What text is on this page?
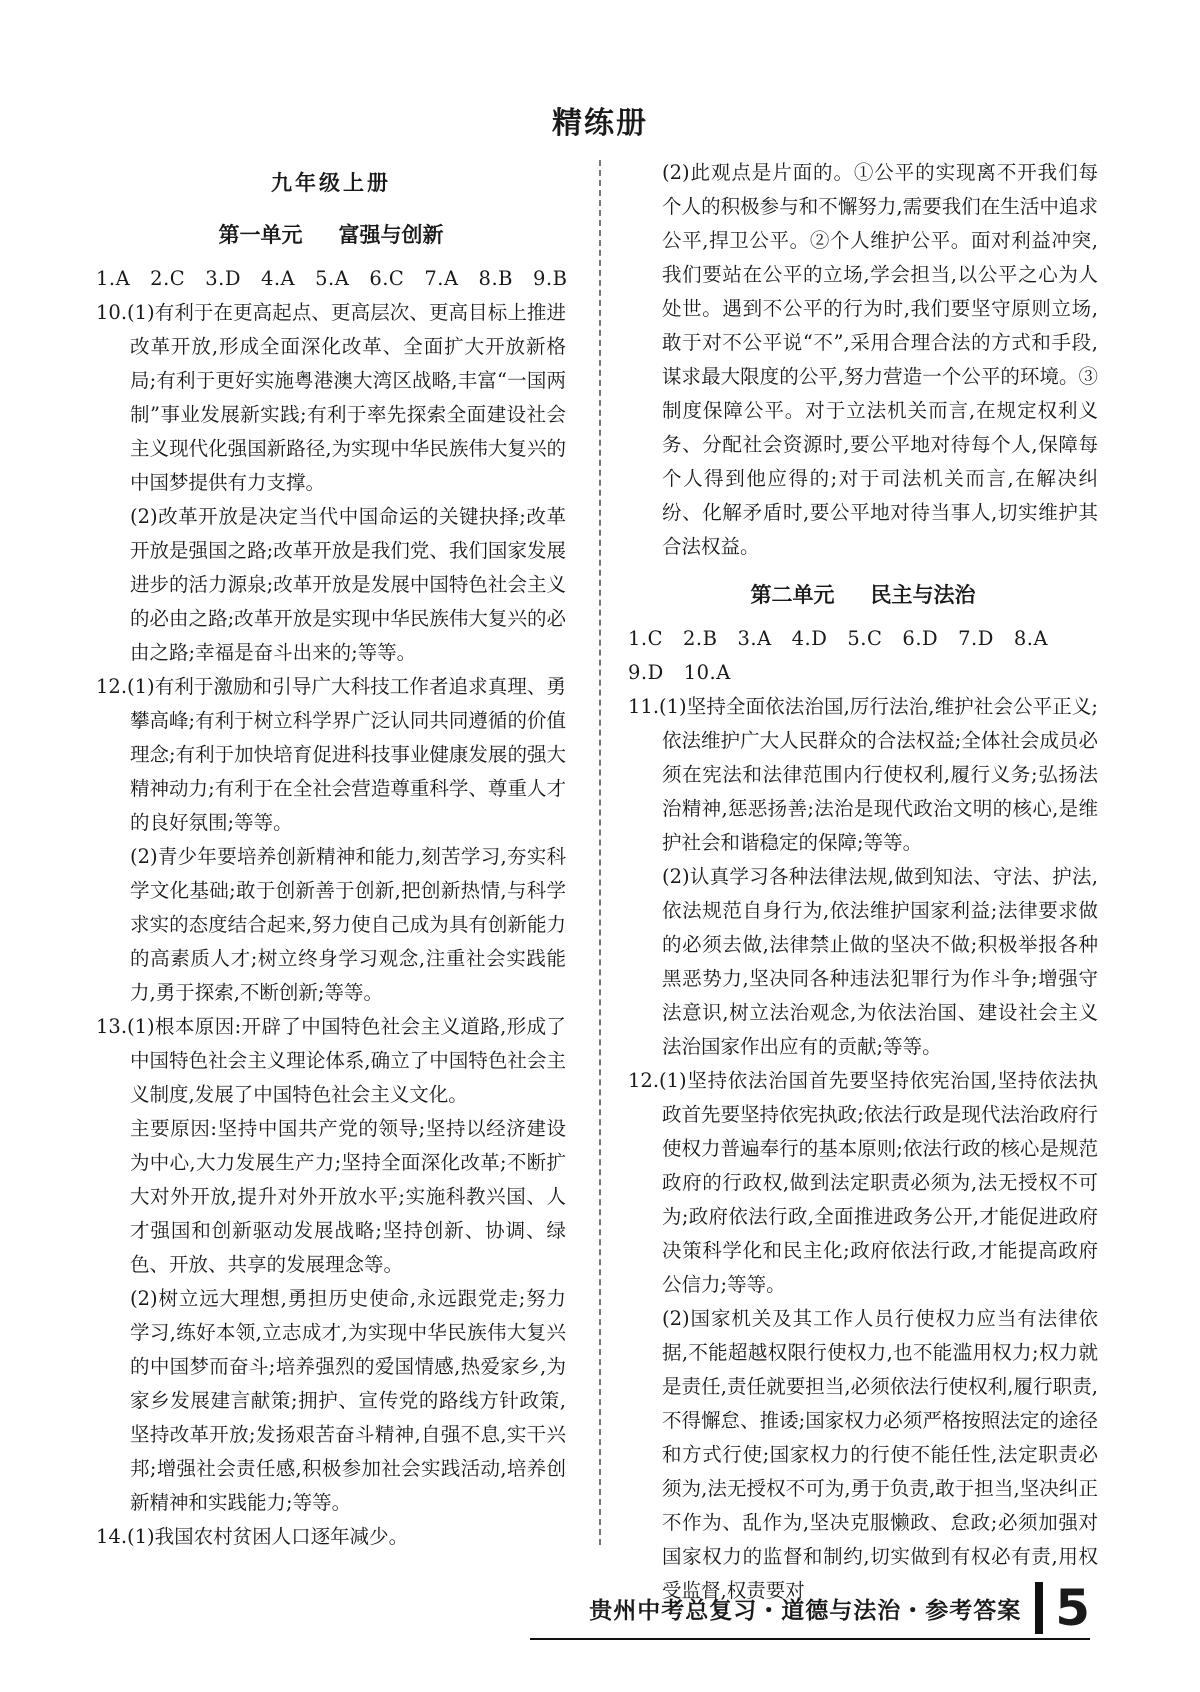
精练册
九年级上册
第一单元 富强与创新

1.A　2.C　3.D　4.A　5.A　6.C　7.A　8.B　9.B

10.(1)有利于在更高起点、更高层次、更高目标上推进改革开放,形成全面深化改革、全面扩大开放新格局;有利于更好实施粤港澳大湾区战略,丰富“一国两制”事业发展新实践;有利于率先探索全面建设社会主义现代化强国新路径,为实现中华民族伟大复兴的中国梦提供有力支撑。

(2)改革开放是决定当代中国命运的关键抉择;改革开放是强国之路;改革开放是我们党、我们国家发展进步的活力源泉;改革开放是发展中国特色社会主义的必由之路;改革开放是实现中华民族伟大复兴的必由之路;幸福是奋斗出来的;等等。

12.(1)有利于激励和引导广大科技工作者追求真理、勇攀高峰;有利于树立科学界广泛认同共同遵循的价值理念;有利于加快培育促进科技事业健康发展的强大精神动力;有利于在全社会营造尊重科学、尊重人才的良好氛围;等等。

(2)青少年要培养创新精神和能力,刻苦学习,夯实科学文化基础;敢于创新善于创新,把创新热情,与科学求实的态度结合起来,努力使自己成为具有创新能力的高素质人才;树立终身学习观念,注重社会实践能力,勇于探索,不断创新;等等。

13.(1)根本原因:开辟了中国特色社会主义道路,形成了中国特色社会主义理论体系,确立了中国特色社会主义制度,发展了中国特色社会主义文化。

主要原因:坚持中国共产党的领导;坚持以经济建设为中心,大力发展生产力;坚持全面深化改革;不断扩大对外开放,提升对外开放水平;实施科教兴国、人才强国和创新驱动发展战略;坚持创新、协调、绿色、开放、共享的发展理念等。

(2)树立远大理想,勇担历史使命,永远跟党走;努力学习,练好本领,立志成才,为实现中华民族伟大复兴的中国梦而奋斗;培养强烈的爱国情感,热爱家乡,为家乡发展建言献策;拥护、宣传党的路线方针政策,坚持改革开放;发扬艰苦奋斗精神,自强不息,实干兴邦;增强社会责任感,积极参加社会实践活动,培养创新精神和实践能力;等等。

14.(1)我国农村贫困人口逐年减少。

(2)此观点是片面的。①公平的实现离不开我们每个人的积极参与和不懈努力,需要我们在生活中追求公平,捍卫公平。②个人维护公平。面对利益冲突,我们要站在公平的立场,学会担当,以公平之心为人处世。遇到不公平的行为时,我们要坚守原则立场,敢于对不公平说“不”,采用合理合法的方式和手段,谋求最大限度的公平,努力营造一个公平的环境。③制度保障公平。对于立法机关而言,在规定权利义务、分配社会资源时,要公平地对待每个人,保障每个人得到他应得的;对于司法机关而言,在解决纠纷、化解矛盾时,要公平地对待当事人,切实维护其合法权益。

第二单元 民主与法治

1.C　2.B　3.A　4.D　5.C　6.D　7.D　8.A

9.D　10.A

11.(1)坚持全面依法治国,厉行法治,维护社会公平正义;依法维护广大人民群众的合法权益;全体社会成员必须在宪法和法律范围内行使权利,履行义务;弘扬法治精神,惩恶扬善;法治是现代政治文明的核心,是维护社会和谐稳定的保障;等等。

(2)认真学习各种法律法规,做到知法、守法、护法,依法规范自身行为,依法维护国家利益;法律要求做的必须去做,法律禁止做的坚决不做;积极举报各种黑恶势力,坚决同各种违法犯罪行为作斗争;增强守法意识,树立法治观念,为依法治国、建设社会主义法治国家作出应有的贡献;等等。

12.(1)坚持依法治国首先要坚持依宪治国,坚持依法执政首先要坚持依宪执政;依法行政是现代法治政府行使权力普遍奉行的基本原则;依法行政的核心是规范政府的行政权,做到法定职责必须为,法无授权不可为;政府依法行政,全面推进政务公开,才能促进政府决策科学化和民主化;政府依法行政,才能提高政府公信力;等等。

(2)国家机关及其工作人员行使权力应当有法律依据,不能超越权限行使权力,也不能滥用权力;权力就是责任,责任就要担当,必须依法行使权利,履行职责,不得懈怠、推诿;国家权力必须严格按照法定的途径和方式行使;国家权力的行使不能任性,法定职责必须为,法无授权不可为,勇于负责,敢于担当,坚决纠正不作为、乱作为,坚决克服懒政、怠政;必须加强对国家权力的监督和制约,切实做到有权必有责,用权受监督,权责要对

贵州中考总复习・道德与法治・参考答案 5
